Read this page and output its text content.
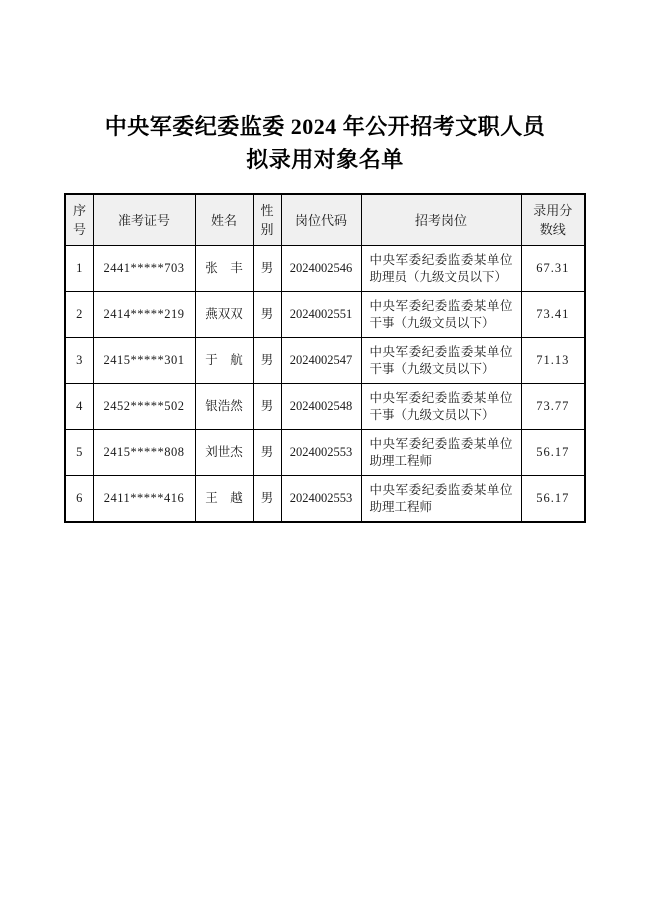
中央军委纪委监委 2024 年公开招考文职人员
拟录用对象名单
序号	准考证号	姓名	性别	岗位代码	招考岗位	录用分数线
1	2441*****703	张　丰	男	2024002546	中央军委纪委监委某单位助理员（九级文员以下）	67.31
2	2414*****219	燕双双	男	2024002551	中央军委纪委监委某单位干事（九级文员以下）	73.41
3	2415*****301	于　航	男	2024002547	中央军委纪委监委某单位干事（九级文员以下）	71.13
4	2452*****502	银浩然	男	2024002548	中央军委纪委监委某单位干事（九级文员以下）	73.77
5	2415*****808	刘世杰	男	2024002553	中央军委纪委监委某单位助理工程师	56.17
6	2411*****416	王　越	男	2024002553	中央军委纪委监委某单位助理工程师	56.17
